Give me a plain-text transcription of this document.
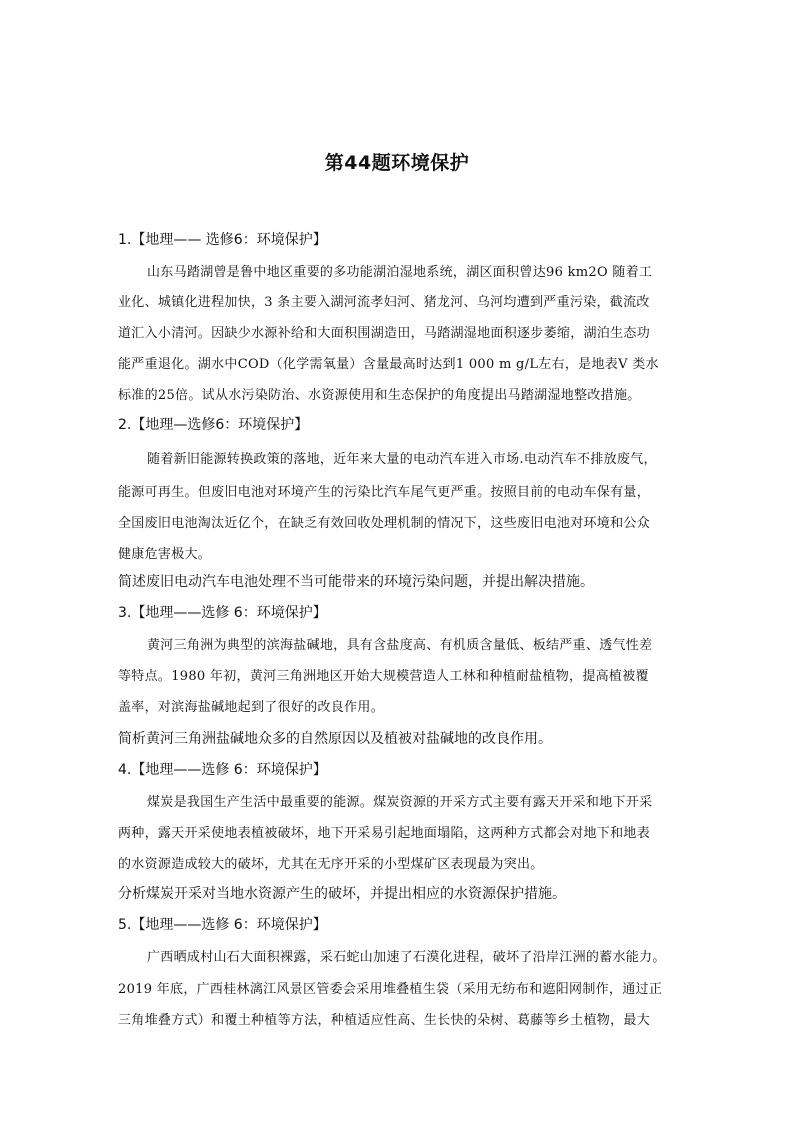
第44题环境保护
1.【地理—— 选修6：环境保护】
山东马踏湖曾是鲁中地区重要的多功能湖泊湿地系统，湖区面积曾达96 km2O 随着工
业化、城镇化进程加快，3 条主要入湖河流孝妇河、猪龙河、乌河均遭到严重污染，截流改
道汇入小清河。因缺少水源补给和大面积围湖造田，马踏湖湿地面积逐步萎缩，湖泊生态功
能严重退化。湖水中COD（化学需氧量）含量最高时达到1 000 m g/L左右，是地表V 类水
标准的25倍。试从水污染防治、水资源使用和生态保护的角度提出马踏湖湿地整改措施。
2.【地理—选修6：环境保护】
随着新旧能源转换政策的落地，近年来大量的电动汽车进入市场.电动汽车不排放废气，
能源可再生。但废旧电池对环境产生的污染比汽车尾气更严重。按照目前的电动车保有量，
全国废旧电池淘汰近亿个，在缺乏有效回收处理机制的情况下，这些废旧电池对环境和公众
健康危害极大。
简述废旧电动汽车电池处理不当可能带来的环境污染问题，并提出解决措施。
3.【地理——选修 6：环境保护】
黄河三角洲为典型的滨海盐碱地，具有含盐度高、有机质含量低、板结严重、透气性差
等特点。1980 年初，黄河三角洲地区开始大规模营造人工林和种植耐盐植物，提高植被覆
盖率，对滨海盐碱地起到了很好的改良作用。
简析黄河三角洲盐碱地众多的自然原因以及植被对盐碱地的改良作用。
4.【地理——选修 6：环境保护】
煤炭是我国生产生活中最重要的能源。煤炭资源的开采方式主要有露天开采和地下开采
两种，露天开采使地表植被破坏，地下开采易引起地面塌陷，这两种方式都会对地下和地表
的水资源造成较大的破坏，尤其在无序开采的小型煤矿区表现最为突出。
分析煤炭开采对当地水资源产生的破坏，并提出相应的水资源保护措施。
5.【地理——选修 6：环境保护】
广西晒成村山石大面积裸露，采石蛇山加速了石漠化进程，破坏了沿岸江洲的蓄水能力。
2019 年底，广西桂林漓江风景区管委会采用堆叠植生袋（采用无纺布和遮阳网制作，通过正
三角堆叠方式）和覆土种植等方法，种植适应性高、生长快的朵树、葛藤等乡土植物，最大
